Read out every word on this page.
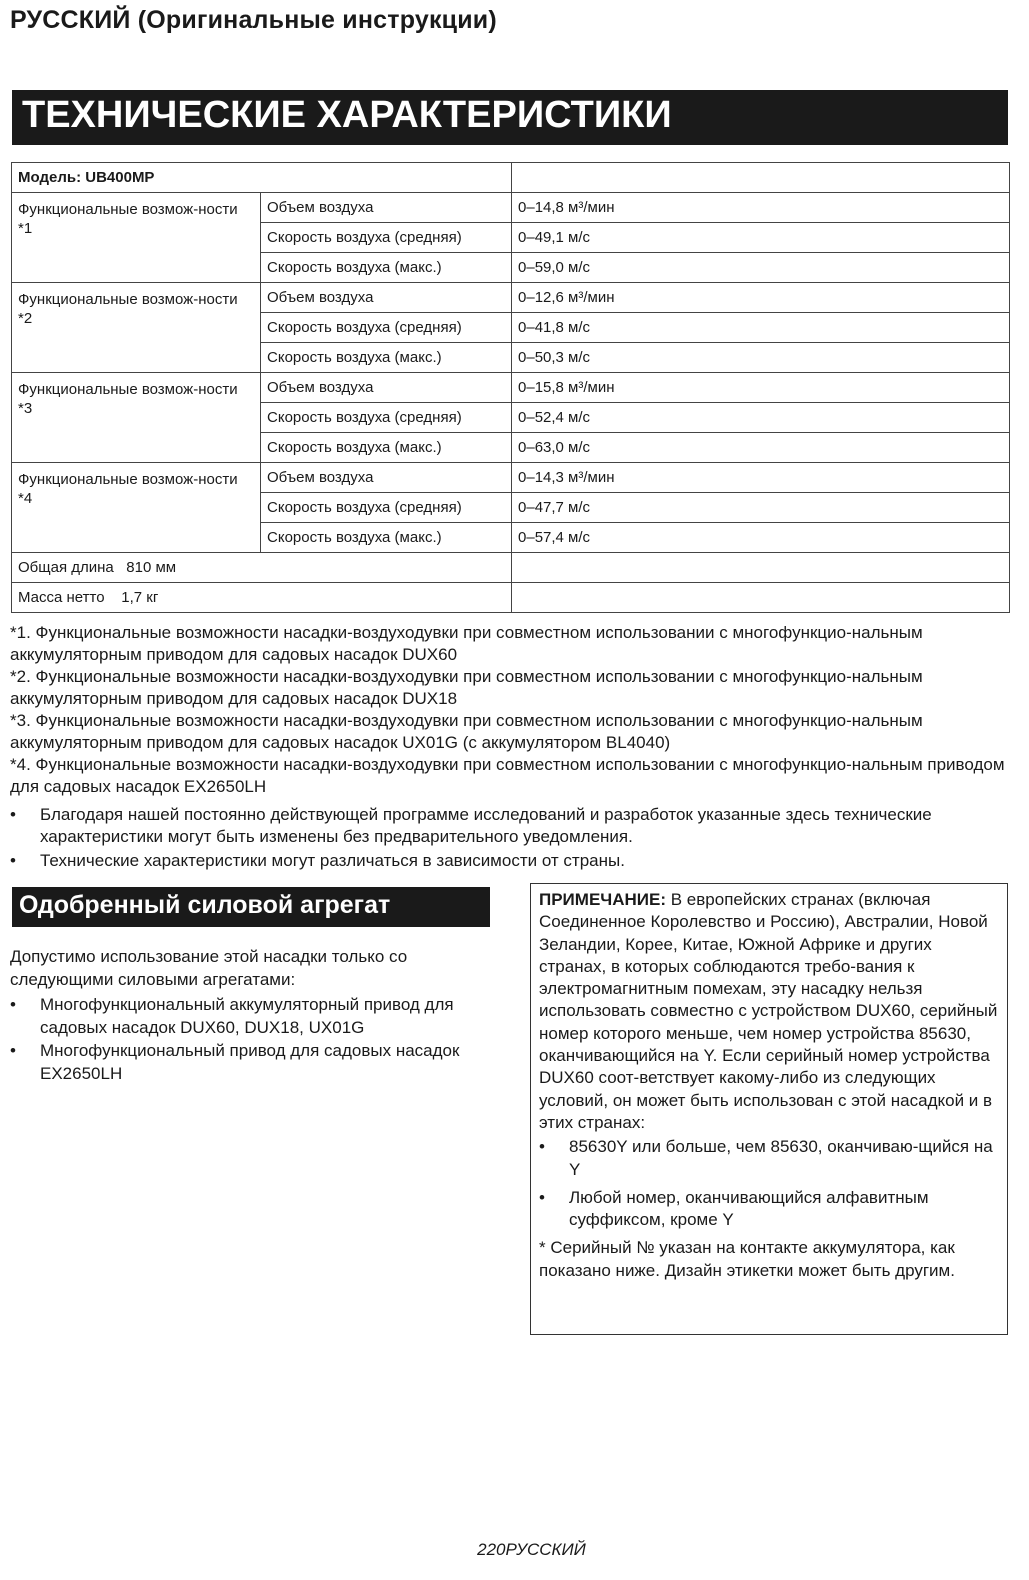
РУССКИЙ (Оригинальные инструкции)
ТЕХНИЧЕСКИЕ ХАРАКТЕРИСТИКИ
Модель: UB400MP		
Функциональные возмож-ности *1	Объем воздуха	0–14,8 м³/мин
	Скорость воздуха (средняя)	0–49,1 м/с
	Скорость воздуха (макс.)	0–59,0 м/с
Функциональные возмож-ности *2	Объем воздуха	0–12,6 м³/мин
	Скорость воздуха (средняя)	0–41,8 м/с
	Скорость воздуха (макс.)	0–50,3 м/с
Функциональные возмож-ности *3	Объем воздуха	0–15,8 м³/мин
	Скорость воздуха (средняя)	0–52,4 м/с
	Скорость воздуха (макс.)	0–63,0 м/с
Функциональные возмож-ности *4	Объем воздуха	0–14,3 м³/мин
	Скорость воздуха (средняя)	0–47,7 м/с
	Скорость воздуха (макс.)	0–57,4 м/с
Общая длина 810 мм		
Масса нетто 1,7 кг		
*1. Функциональные возможности насадки-воздуходувки при совместном использовании с многофункцио-нальным аккумуляторным приводом для садовых насадок DUX60
*2. Функциональные возможности насадки-воздуходувки при совместном использовании с многофункцио-нальным аккумуляторным приводом для садовых насадок DUX18
*3. Функциональные возможности насадки-воздуходувки при совместном использовании с многофункцио-нальным аккумуляторным приводом для садовых насадок UX01G (с аккумулятором BL4040)
*4. Функциональные возможности насадки-воздуходувки при совместном использовании с многофункцио-нальным приводом для садовых насадок EX2650LH
•	Благодаря нашей постоянно действующей программе исследований и разработок указанные здесь технические характеристики могут быть изменены без предварительного уведомления.
•	Технические характеристики могут различаться в зависимости от страны.
Одобренный силовой агрегат
Допустимо использование этой насадки только со следующими силовыми агрегатами:
•	Многофункциональный аккумуляторный привод для садовых насадок DUX60, DUX18, UX01G
•	Многофункциональный привод для садовых насадок EX2650LH
ПРИМЕЧАНИЕ: В европейских странах (включая Соединенное Королевство и Россию), Австралии, Новой Зеландии, Корее, Китае, Южной Африке и других странах, в которых соблюдаются требо-вания к электромагнитным помехам, эту насадку нельзя использовать совместно с устройством DUX60, серийный номер которого меньше, чем номер устройства 85630, оканчивающийся на Y. Если серийный номер устройства DUX60 соот-ветствует какому-либо из следующих условий, он может быть использован с этой насадкой и в этих странах:
•	85630Y или больше, чем 85630, оканчиваю-щийся на Y
•	Любой номер, оканчивающийся алфавитным суффиксом, кроме Y
* Серийный № указан на контакте аккумулятора, как показано ниже. Дизайн этикетки может быть другим.
220РУССКИЙ
